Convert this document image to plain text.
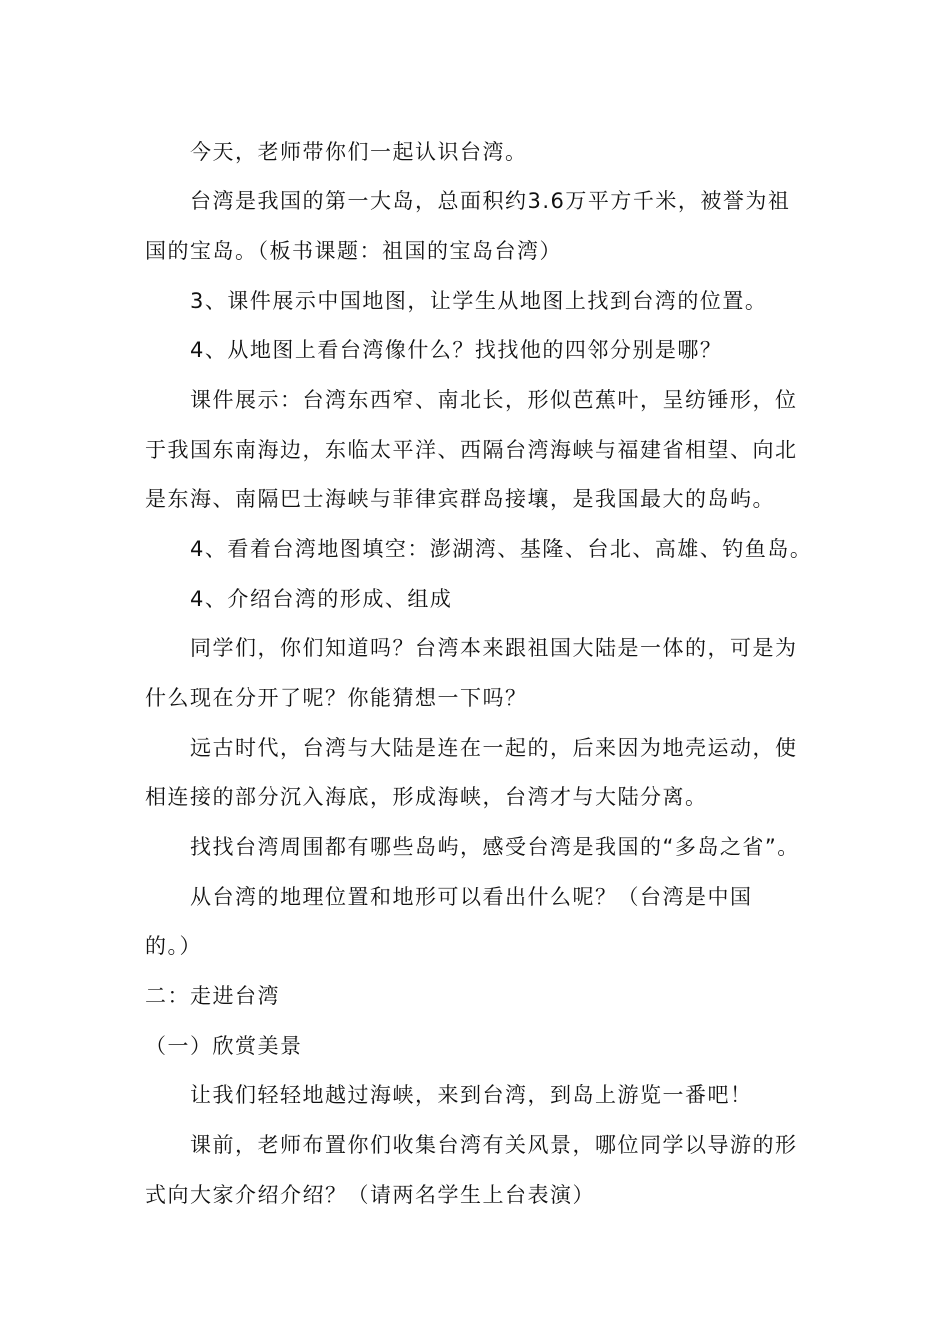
今天，老师带你们一起认识台湾。
台湾是我国的第一大岛，总面积约3.6万平方千米，被誉为祖
国的宝岛。（板书课题：祖国的宝岛台湾）
3、课件展示中国地图，让学生从地图上找到台湾的位置。
4、从地图上看台湾像什么？找找他的四邻分别是哪？
课件展示：台湾东西窄、南北长，形似芭蕉叶，呈纺锤形，位
于我国东南海边，东临太平洋、西隔台湾海峡与福建省相望、向北
是东海、南隔巴士海峡与菲律宾群岛接壤，是我国最大的岛屿。
4、看着台湾地图填空：澎湖湾、基隆、台北、高雄、钓鱼岛。
4、介绍台湾的形成、组成
同学们，你们知道吗？台湾本来跟祖国大陆是一体的，可是为
什么现在分开了呢？你能猜想一下吗？
远古时代，台湾与大陆是连在一起的，后来因为地壳运动，使
相连接的部分沉入海底，形成海峡，台湾才与大陆分离。
找找台湾周围都有哪些岛屿，感受台湾是我国的“多岛之省”。
从台湾的地理位置和地形可以看出什么呢？（台湾是中国
的。）
二：走进台湾
（一）欣赏美景
让我们轻轻地越过海峡，来到台湾，到岛上游览一番吧！
课前，老师布置你们收集台湾有关风景，哪位同学以导游的形
式向大家介绍介绍？（请两名学生上台表演）
